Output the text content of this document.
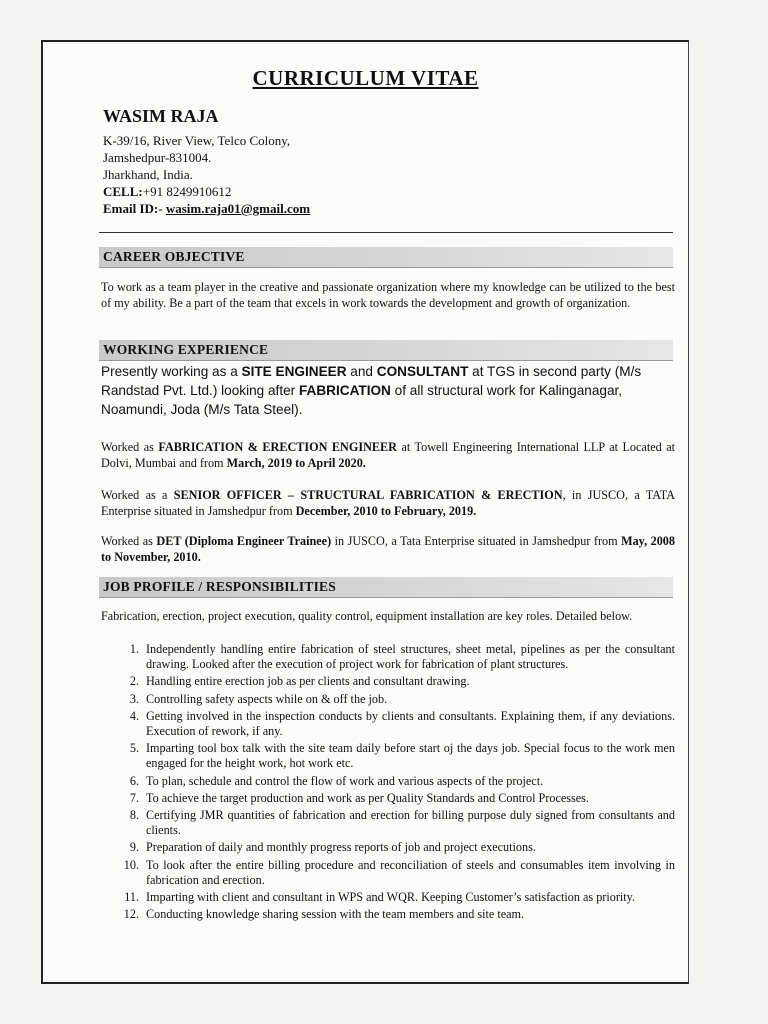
CURRICULUM VITAE
WASIM RAJA
K-39/16, River View, Telco Colony,
Jamshedpur-831004.
Jharkhand, India.
CELL:+91 8249910612
Email ID:- wasim.raja01@gmail.com
CAREER OBJECTIVE
To work as a team player in the creative and passionate organization where my knowledge can be utilized to the best of my ability. Be a part of the team that excels in work towards the development and growth of organization.
WORKING EXPERIENCE
Presently working as a SITE ENGINEER and CONSULTANT at TGS in second party (M/s Randstad Pvt. Ltd.) looking after FABRICATION of all structural work for Kalinganagar, Noamundi, Joda (M/s Tata Steel).
Worked as FABRICATION & ERECTION ENGINEER at Towell Engineering International LLP at Located at Dolvi, Mumbai and from March, 2019 to April 2020.
Worked as a SENIOR OFFICER – STRUCTURAL FABRICATION & ERECTION, in JUSCO, a TATA Enterprise situated in Jamshedpur from December, 2010 to February, 2019.
Worked as DET (Diploma Engineer Trainee) in JUSCO, a Tata Enterprise situated in Jamshedpur from May, 2008 to November, 2010.
JOB PROFILE / RESPONSIBILITIES
Fabrication, erection, project execution, quality control, equipment installation are key roles. Detailed below.
1. Independently handling entire fabrication of steel structures, sheet metal, pipelines as per the consultant drawing. Looked after the execution of project work for fabrication of plant structures.
2. Handling entire erection job as per clients and consultant drawing.
3. Controlling safety aspects while on & off the job.
4. Getting involved in the inspection conducts by clients and consultants. Explaining them, if any deviations. Execution of rework, if any.
5. Imparting tool box talk with the site team daily before start oj the days job. Special focus to the work men engaged for the height work, hot work etc.
6. To plan, schedule and control the flow of work and various aspects of the project.
7. To achieve the target production and work as per Quality Standards and Control Processes.
8. Certifying JMR quantities of fabrication and erection for billing purpose duly signed from consultants and clients.
9. Preparation of daily and monthly progress reports of job and project executions.
10. To look after the entire billing procedure and reconciliation of steels and consumables item involving in fabrication and erection.
11. Imparting with client and consultant in WPS and WQR. Keeping Customer’s satisfaction as priority.
12. Conducting knowledge sharing session with the team members and site team.
